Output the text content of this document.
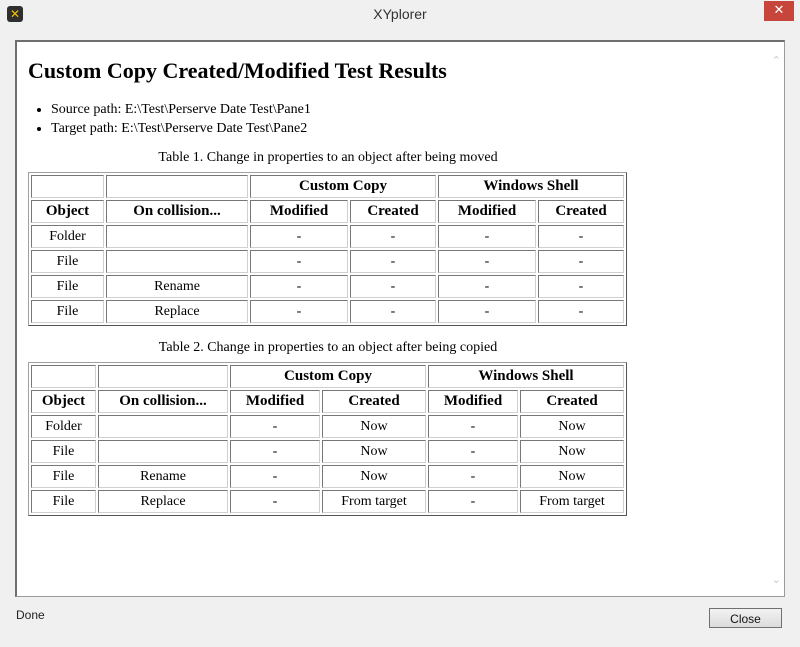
✕	XYplorer	✕
⌃
⌄
Custom Copy Created/Modified Test Results
• Source path: E:\Test\Perserve Date Test\Pane1
• Target path: E:\Test\Perserve Date Test\Pane2
Table 1. Change in properties to an object after being moved
		Custom Copy		Windows Shell	
Object	On collision...	Modified	Created	Modified	Created
Folder		-	-	-	-
File		-	-	-	-
File	Rename	-	-	-	-
File	Replace	-	-	-	-
Table 2. Change in properties to an object after being copied
		Custom Copy		Windows Shell	
Object	On collision...	Modified	Created	Modified	Created
Folder		-	Now	-	Now
File		-	Now	-	Now
File	Rename	-	Now	-	Now
File	Replace	-	From target	-	From target
Done	Close
